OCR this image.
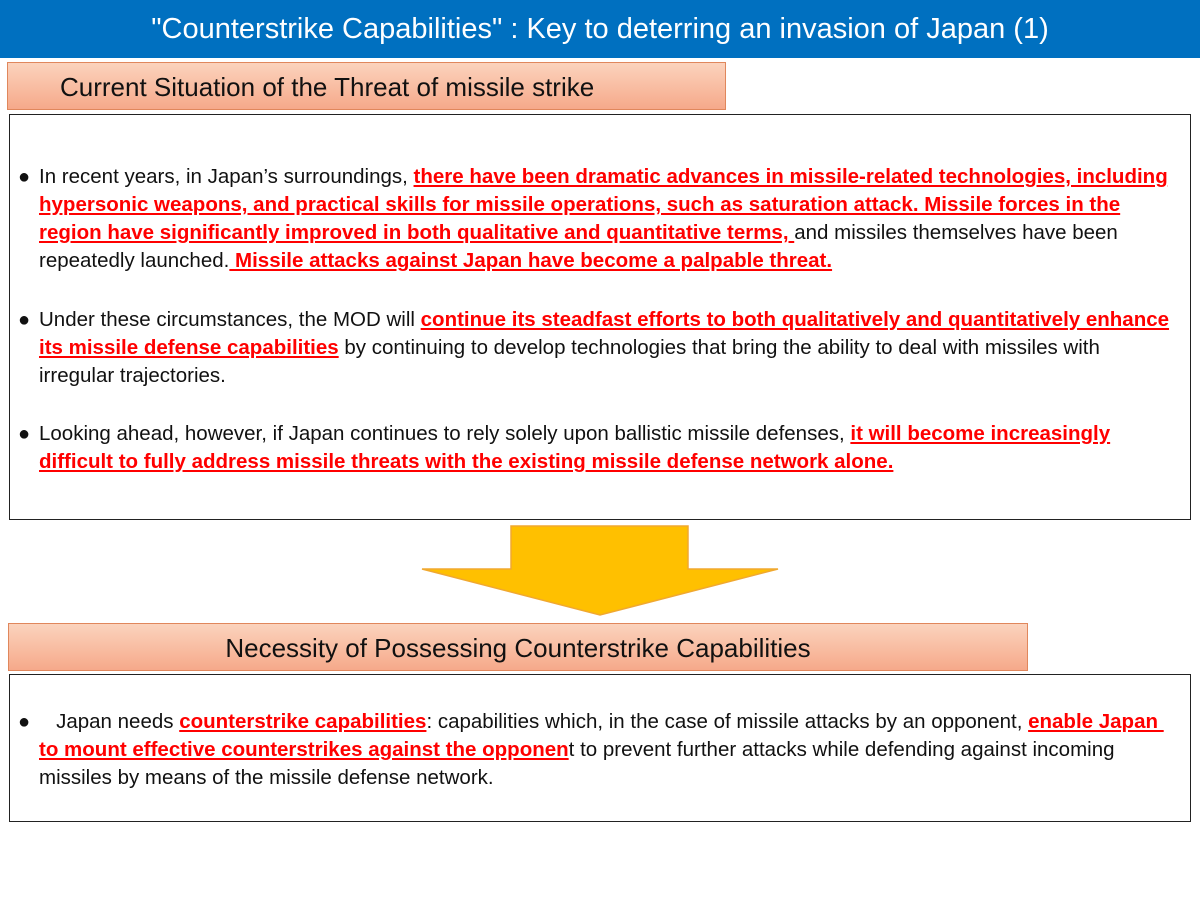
"Counterstrike Capabilities" : Key to deterring an invasion of Japan (1)
Current Situation of the Threat of missile strike
● In recent years, in Japan’s surroundings, there have been dramatic advances in missile-related technologies, including hypersonic weapons, and practical skills for missile operations, such as saturation attack. Missile forces in the region have significantly improved in both qualitative and quantitative terms, and missiles themselves have been repeatedly launched. Missile attacks against Japan have become a palpable threat.
● Under these circumstances, the MOD will continue its steadfast efforts to both qualitatively and quantitatively enhance its missile defense capabilities by continuing to develop technologies that bring the ability to deal with missiles with irregular trajectories.
● Looking ahead, however, if Japan continues to rely solely upon ballistic missile defenses, it will become increasingly difficult to fully address missile threats with the existing missile defense network alone.
Necessity of Possessing Counterstrike Capabilities
● Japan needs counterstrike capabilities: capabilities which, in the case of missile attacks by an opponent, enable Japan to mount effective counterstrikes against the opponent to prevent further attacks while defending against incoming missiles by means of the missile defense network.
